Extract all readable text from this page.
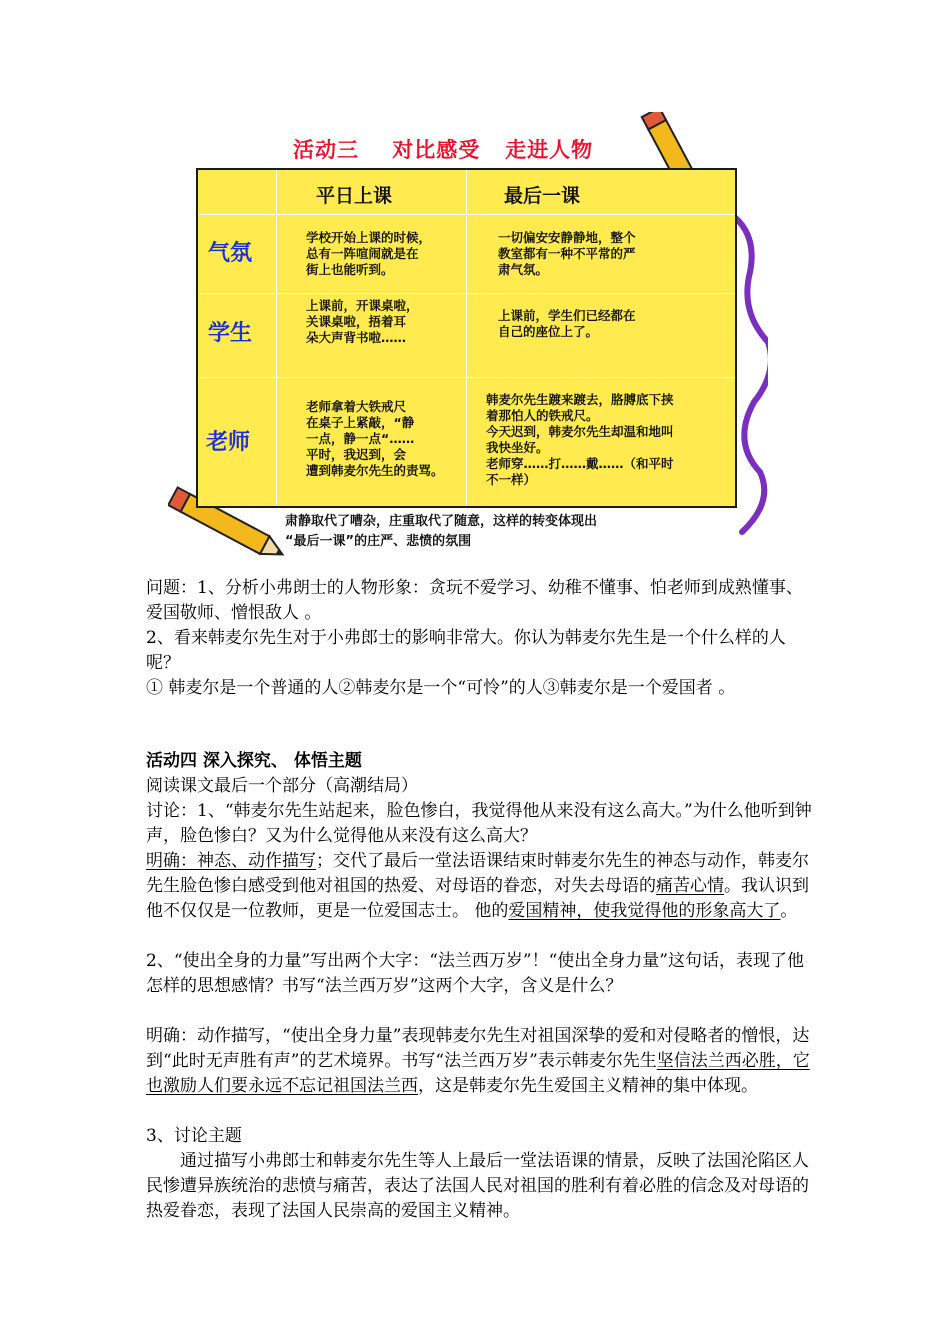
活动三    对比感受   走进人物
平日上课	最后一课
气氛
学校开始上课的时候，
总有一阵喧闹就是在
街上也能听到。
一切偏安安静静地，整个
教室都有一种不平常的严
肃气氛。
学生
上课前，开课桌啦，
关课桌啦，捂着耳
朵大声背书啦……
上课前，学生们已经都在
自己的座位上了。
老师
老师拿着大铁戒尺
在桌子上紧敲，“静
一点，静一点“……
平时，我迟到，会
遭到韩麦尔先生的责骂。
韩麦尔先生踱来踱去，胳膊底下挟
着那怕人的铁戒尺。
今天迟到，韩麦尔先生却温和地叫
我快坐好。
老师穿……打……戴……（和平时
不一样）
肃静取代了嘈杂，庄重取代了随意，这样的转变体现出
“最后一课”的庄严、悲愤的氛围

问题：1、分析小弗朗士的人物形象：贪玩不爱学习、幼稚不懂事、怕老师到成熟懂事、爱国敬师、憎恨敌人 。

2、看来韩麦尔先生对于小弗郎士的影响非常大。你认为韩麦尔先生是一个什么样的人呢？

① 韩麦尔是一个普通的人②韩麦尔是一个“可怜”的人③韩麦尔是一个爱国者 。

活动四 深入探究、 体悟主题

阅读课文最后一个部分（高潮结局）

讨论：1、“韩麦尔先生站起来，脸色惨白，我觉得他从来没有这么高大。”为什么他听到钟声，脸色惨白？又为什么觉得他从来没有这么高大？

明确：神态、动作描写；交代了最后一堂法语课结束时韩麦尔先生的神态与动作，韩麦尔先生脸色惨白感受到他对祖国的热爱、对母语的眷恋，对失去母语的痛苦心情。我认识到他不仅仅是一位教师，更是一位爱国志士。 他的爱国精神，使我觉得他的形象高大了。

2、“使出全身的力量”写出两个大字：“法兰西万岁”！“使出全身力量”这句话，表现了他怎样的思想感情？书写“法兰西万岁”这两个大字，含义是什么？

明确：动作描写，“使出全身力量”表现韩麦尔先生对祖国深挚的爱和对侵略者的憎恨，达到“此时无声胜有声”的艺术境界。书写“法兰西万岁”表示韩麦尔先生坚信法兰西必胜，它也激励人们要永远不忘记祖国法兰西，这是韩麦尔先生爱国主义精神的集中体现。

3、讨论主题

通过描写小弗郎士和韩麦尔先生等人上最后一堂法语课的情景，反映了法国沦陷区人民惨遭异族统治的悲愤与痛苦，表达了法国人民对祖国的胜利有着必胜的信念及对母语的热爱眷恋，表现了法国人民崇高的爱国主义精神。
